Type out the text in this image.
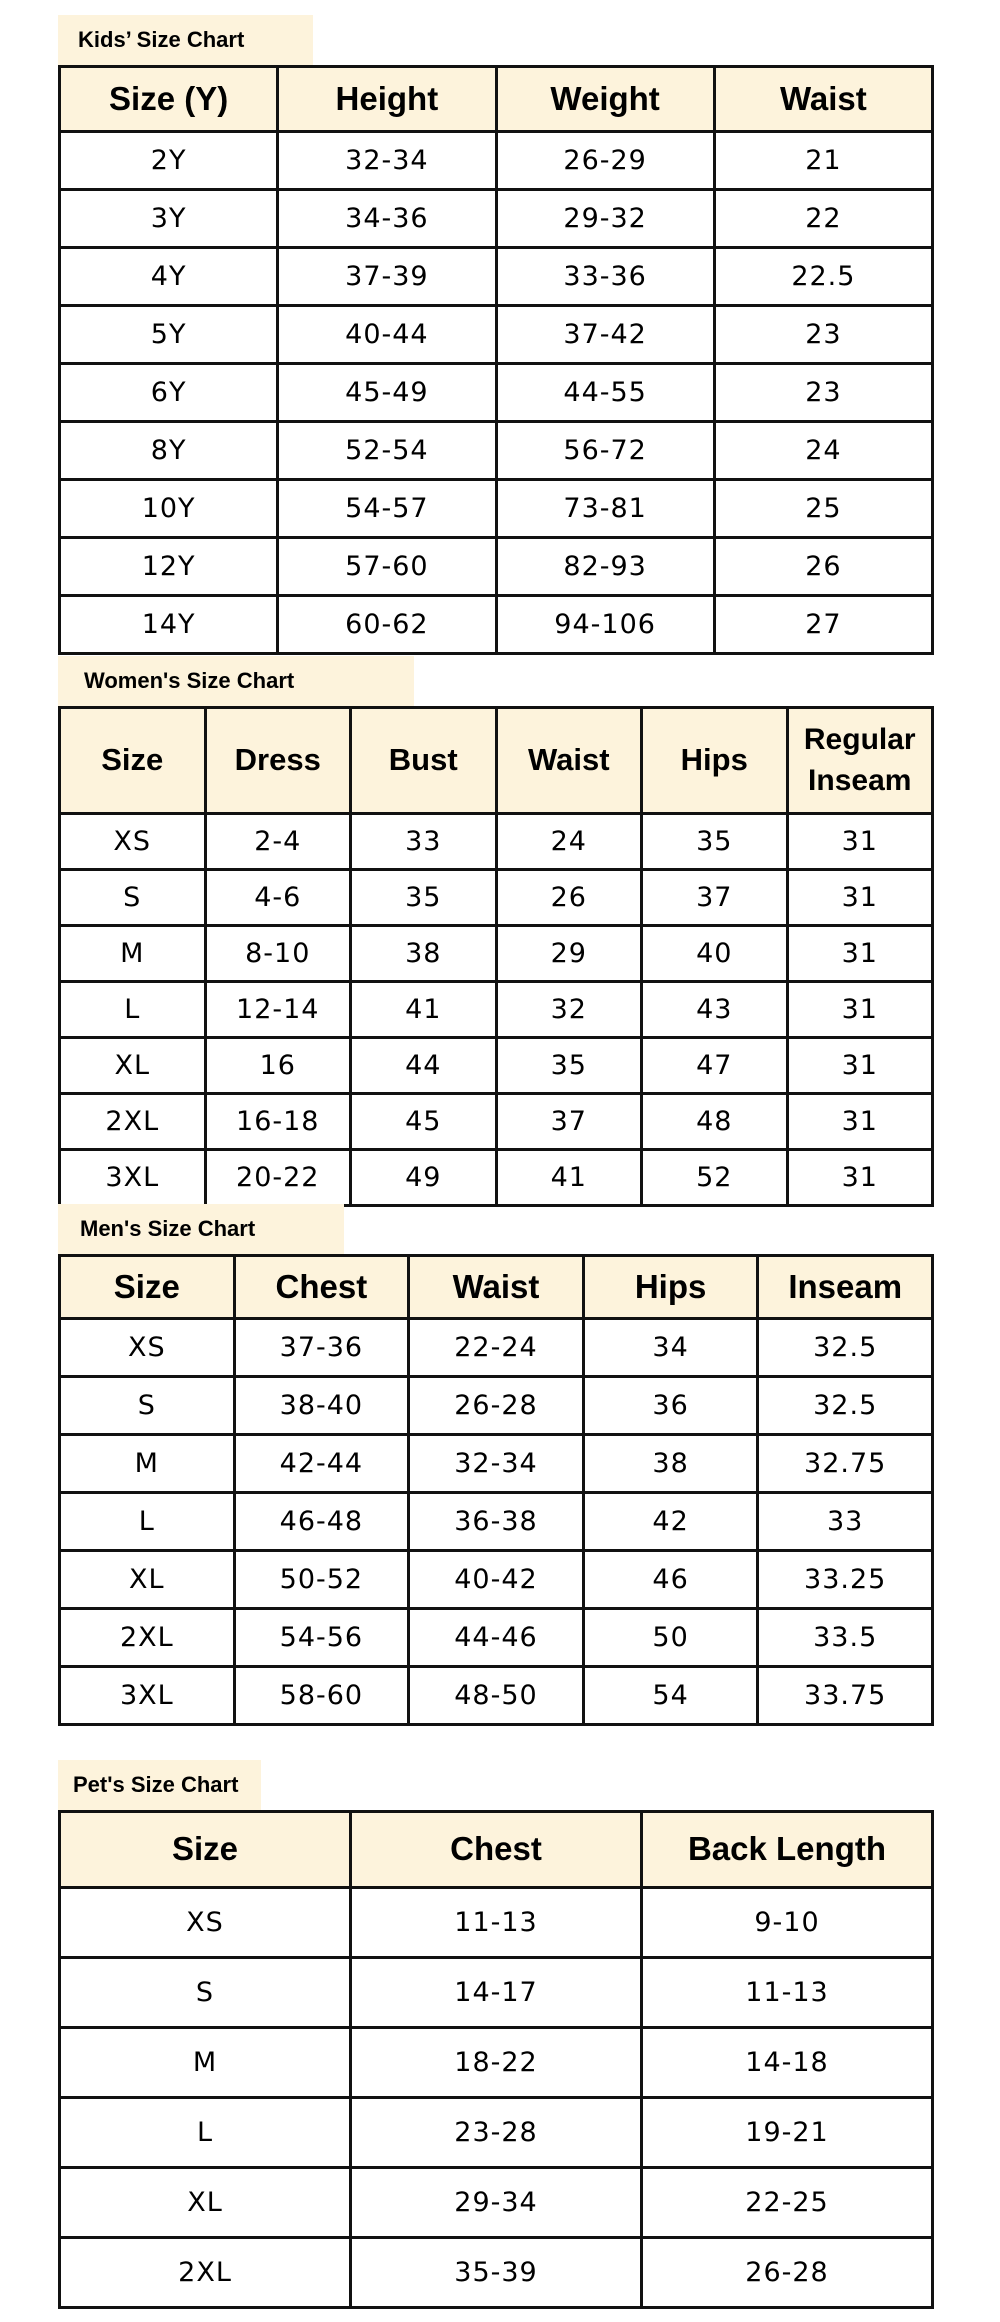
Kids’ Size Chart
Size (Y)	Height	Weight	Waist
2Y	32-34	26-29	21
3Y	34-36	29-32	22
4Y	37-39	33-36	22.5
5Y	40-44	37-42	23
6Y	45-49	44-55	23
8Y	52-54	56-72	24
10Y	54-57	73-81	25
12Y	57-60	82-93	26
14Y	60-62	94-106	27
Women's Size Chart
Size	Dress	Bust	Waist	Hips	Regular Inseam
XS	2-4	33	24	35	31
S	4-6	35	26	37	31
M	8-10	38	29	40	31
L	12-14	41	32	43	31
XL	16	44	35	47	31
2XL	16-18	45	37	48	31
3XL	20-22	49	41	52	31
Men's Size Chart
Size	Chest	Waist	Hips	Inseam
XS	37-36	22-24	34	32.5
S	38-40	26-28	36	32.5
M	42-44	32-34	38	32.75
L	46-48	36-38	42	33
XL	50-52	40-42	46	33.25
2XL	54-56	44-46	50	33.5
3XL	58-60	48-50	54	33.75
Pet's Size Chart
Size	Chest	Back Length
XS	11-13	9-10
S	14-17	11-13
M	18-22	14-18
L	23-28	19-21
XL	29-34	22-25
2XL	35-39	26-28
